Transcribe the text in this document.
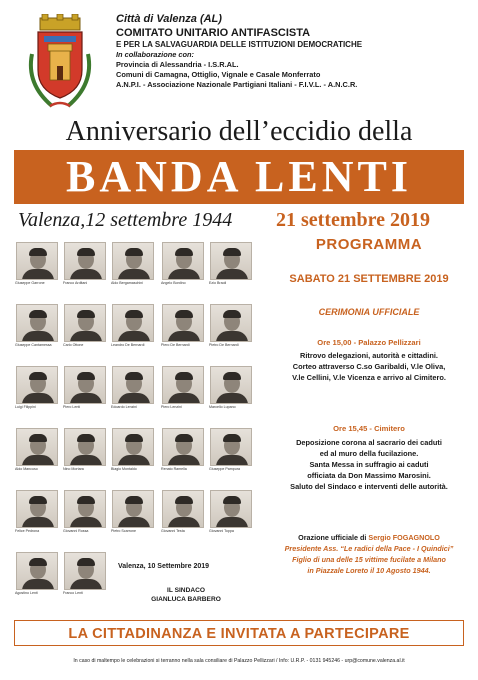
Città di Valenza (AL)
COMITATO UNITARIO ANTIFASCISTA
E PER LA SALVAGUARDIA DELLE ISTITUZIONI DEMOCRATICHE
In collaborazione con:
Provincia di Alessandria - I.S.R.AL.
Comuni di Camagna, Ottiglio, Vignale e Casale Monferrato
A.N.P.I. - Associazione Nazionale Partigiani Italiani - F.I.V.L. - A.N.C.R.
Anniversario dell’eccidio della
BANDA LENTI
Valenza,12 settembre 1944 21 settembre 2019
Giuseppe Garrone	Franco Arditani	Aldo Bergamaschini	Angelo Bordino	Ezio Braoli
Giuseppe Cantamessa	Carlo Ottone	Leandro De Bernardi	Piero De Bernardi	Pietro De Bernardi
Luigi Filippini	Piero Lenti	Edoardo Lenzini	Piero Lenzini	Marcello Lupano
Aldo Mancuso	Nino Mortara	Biagio Montaldo	Renato Ramella	Giuseppe Pampura
Felice Pedrona	Giovanni Rossa	Pietro Scarrone	Giovanni Testa	Giovanni Toppa
Agostino Lenti	Franco Lenti
Valenza, 10 Settembre 2019
IL SINDACO
GIANLUCA BARBERO
PROGRAMMA
SABATO 21 SETTEMBRE 2019
CERIMONIA UFFICIALE
Ore 15,00 - Palazzo Pellizzari
Ritrovo delegazioni, autorità e cittadini.
Corteo attraverso C.so Garibaldi, V.le Oliva,
V.le Cellini, V.le Vicenza e arrivo al Cimitero.
Ore 15,45 - Cimitero
Deposizione corona al sacrario dei caduti
ed al muro della fucilazione.
Santa Messa in suffragio ai caduti
officiata da Don Massimo Marosini.
Saluto del Sindaco e interventi delle autorità.
Orazione ufficiale di Sergio FOGAGNOLO
Presidente Ass. “Le radici della Pace - I Quindici”
Figlio di una delle 15 vittime fucilate a Milano
in Piazzale Loreto il 10 Agosto 1944.
LA CITTADINANZA E INVITATA A PARTECIPARE
In caso di maltempo le celebrazioni si terranno nella sala consiliare di Palazzo Pellizzari / Info: U.R.P. - 0131 945246 - urp@comune.valenza.al.it
